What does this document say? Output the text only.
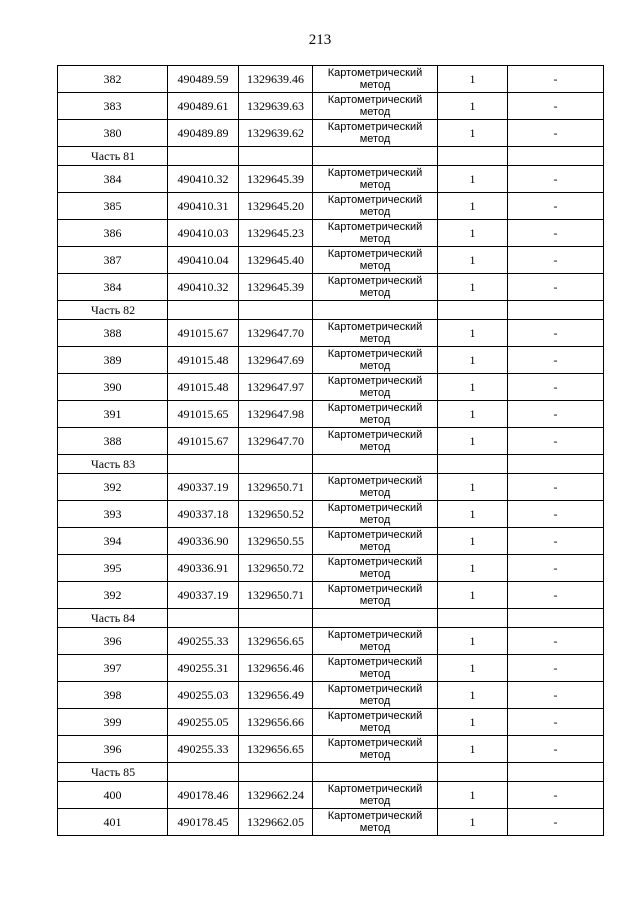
213
382	490489.59	1329639.46	Картометрический
метод	1	-
383	490489.61	1329639.63	Картометрический
метод	1	-
380	490489.89	1329639.62	Картометрический
метод	1	-
Часть 81					
384	490410.32	1329645.39	Картометрический
метод	1	-
385	490410.31	1329645.20	Картометрический
метод	1	-
386	490410.03	1329645.23	Картометрический
метод	1	-
387	490410.04	1329645.40	Картометрический
метод	1	-
384	490410.32	1329645.39	Картометрический
метод	1	-
Часть 82					
388	491015.67	1329647.70	Картометрический
метод	1	-
389	491015.48	1329647.69	Картометрический
метод	1	-
390	491015.48	1329647.97	Картометрический
метод	1	-
391	491015.65	1329647.98	Картометрический
метод	1	-
388	491015.67	1329647.70	Картометрический
метод	1	-
Часть 83					
392	490337.19	1329650.71	Картометрический
метод	1	-
393	490337.18	1329650.52	Картометрический
метод	1	-
394	490336.90	1329650.55	Картометрический
метод	1	-
395	490336.91	1329650.72	Картометрический
метод	1	-
392	490337.19	1329650.71	Картометрический
метод	1	-
Часть 84					
396	490255.33	1329656.65	Картометрический
метод	1	-
397	490255.31	1329656.46	Картометрический
метод	1	-
398	490255.03	1329656.49	Картометрический
метод	1	-
399	490255.05	1329656.66	Картометрический
метод	1	-
396	490255.33	1329656.65	Картометрический
метод	1	-
Часть 85					
400	490178.46	1329662.24	Картометрический
метод	1	-
401	490178.45	1329662.05	Картометрический
метод	1	-
